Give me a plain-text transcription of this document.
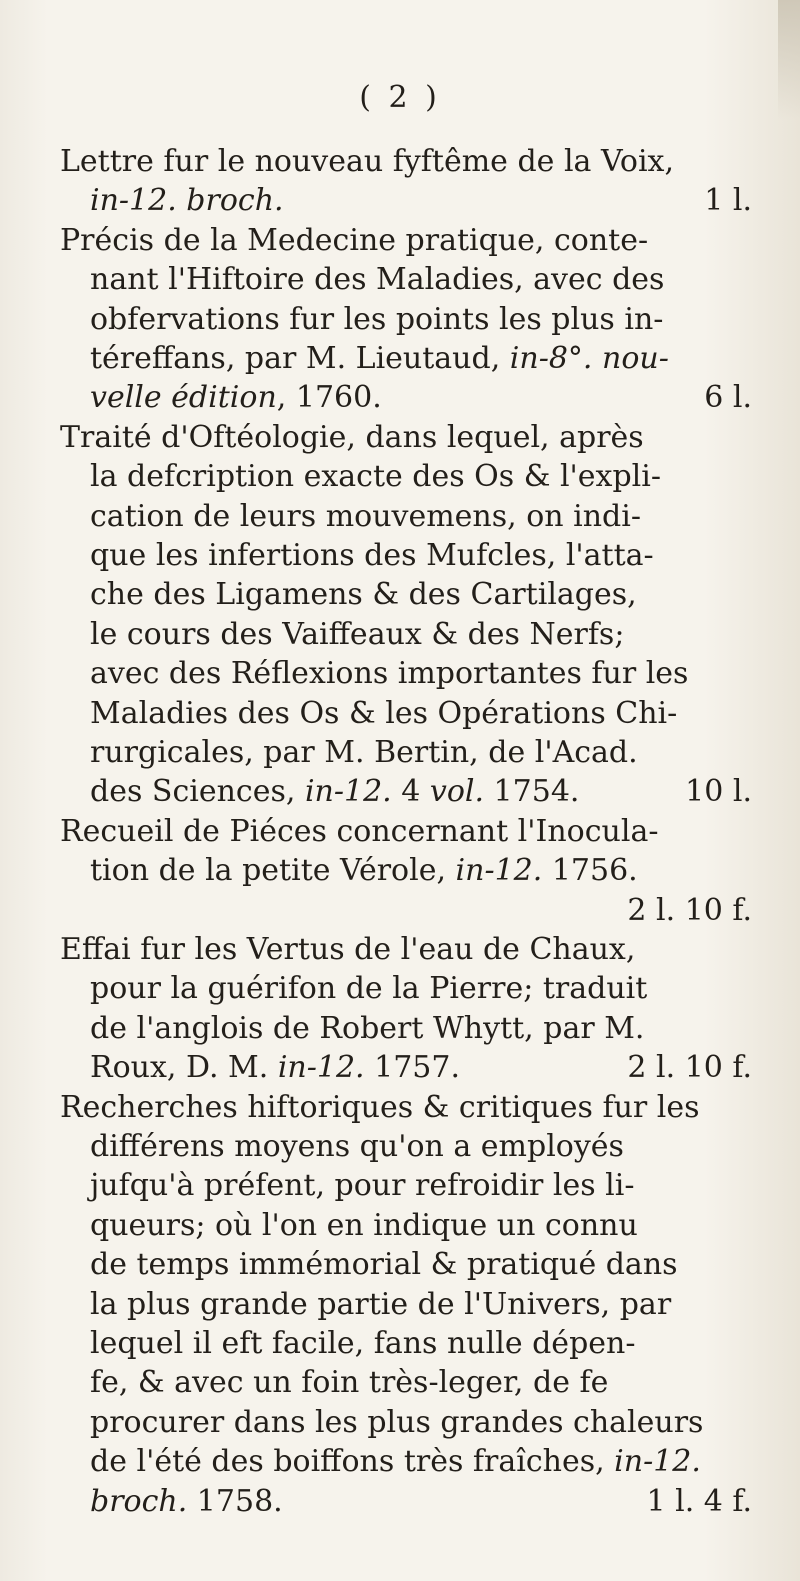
( 2 )
Lettre fur le nouveau fyftême de la Voix,
in-12. broch.	1 l.
Précis de la Medecine pratique, conte-
nant l'Hiftoire des Maladies, avec des
obfervations fur les points les plus in-
téreffans, par M. Lieutaud, in-8°. nou-
velle édition, 1760.	6 l.
Traité d'Oftéologie, dans lequel, après
la defcription exacte des Os & l'expli-
cation de leurs mouvemens, on indi-
que les infertions des Mufcles, l'atta-
che des Ligamens & des Cartilages,
le cours des Vaiffeaux & des Nerfs;
avec des Réflexions importantes fur les
Maladies des Os & les Opérations Chi-
rurgicales, par M. Bertin, de l'Acad.
des Sciences, in-12. 4 vol. 1754.	10 l.
Recueil de Piéces concernant l'Inocula-
tion de la petite Vérole, in-12. 1756.
2 l. 10 f.
Effai fur les Vertus de l'eau de Chaux,
pour la guérifon de la Pierre; traduit
de l'anglois de Robert Whytt, par M.
Roux, D. M. in-12. 1757.	2 l. 10 f.
Recherches hiftoriques & critiques fur les
différens moyens qu'on a employés
jufqu'à préfent, pour refroidir les li-
queurs; où l'on en indique un connu
de temps immémorial & pratiqué dans
la plus grande partie de l'Univers, par
lequel il eft facile, fans nulle dépen-
fe, & avec un foin très-leger, de fe
procurer dans les plus grandes chaleurs
de l'été des boiffons très fraîches, in-12.
broch. 1758.	1 l. 4 f.
